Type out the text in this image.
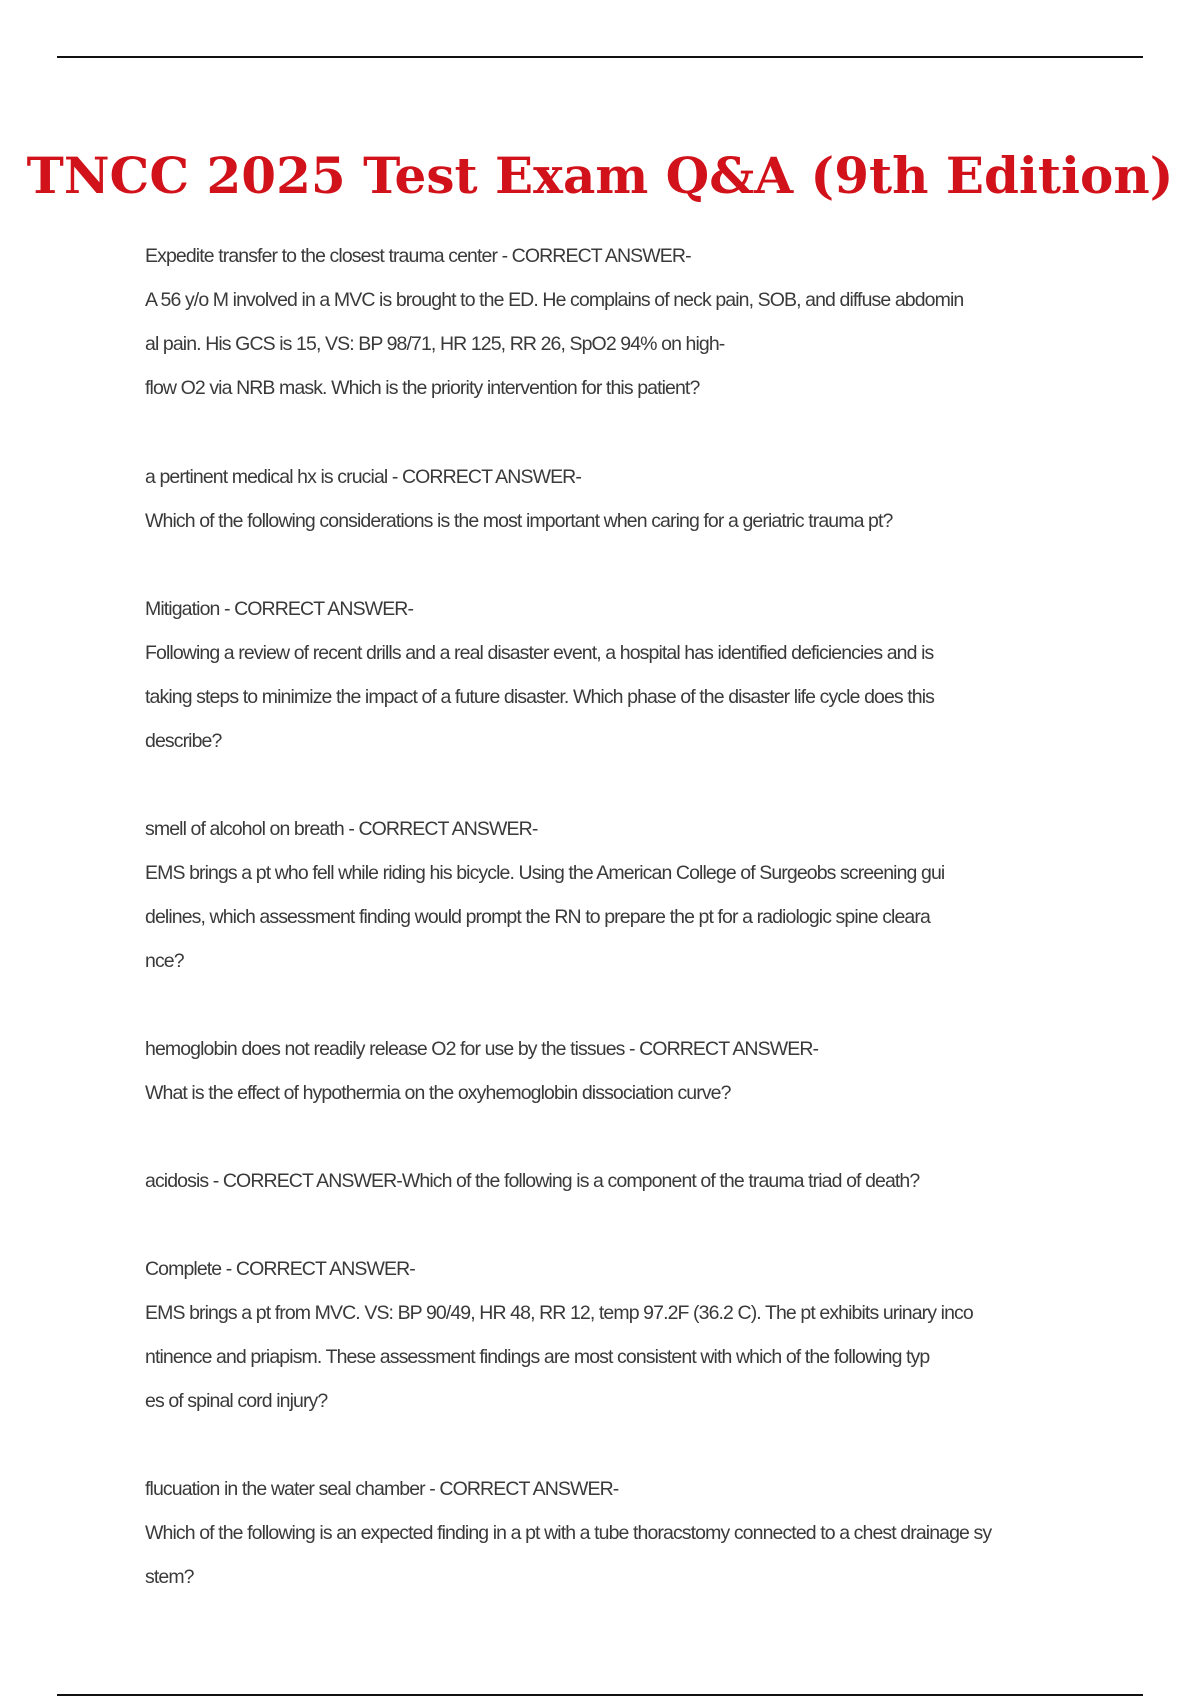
TNCC 2025 Test Exam Q&A (9th Edition)
Expedite transfer to the closest trauma center - CORRECT ANSWER-
A 56 y/o M involved in a MVC is brought to the ED. He complains of neck pain, SOB, and diffuse abdomin
al pain. His GCS is 15, VS: BP 98/71, HR 125, RR 26, SpO2 94% on high-
flow O2 via NRB mask. Which is the priority intervention for this patient?
a pertinent medical hx is crucial - CORRECT ANSWER-
Which of the following considerations is the most important when caring for a geriatric trauma pt?
Mitigation - CORRECT ANSWER-
Following a review of recent drills and a real disaster event, a hospital has identified deficiencies and is
taking steps to minimize the impact of a future disaster. Which phase of the disaster life cycle does this
describe?
smell of alcohol on breath - CORRECT ANSWER-
EMS brings a pt who fell while riding his bicycle. Using the American College of Surgeobs screening gui
delines, which assessment finding would prompt the RN to prepare the pt for a radiologic spine cleara
nce?
hemoglobin does not readily release O2 for use by the tissues - CORRECT ANSWER-
What is the effect of hypothermia on the oxyhemoglobin dissociation curve?
acidosis - CORRECT ANSWER-Which of the following is a component of the trauma triad of death?
Complete - CORRECT ANSWER-
EMS brings a pt from MVC. VS: BP 90/49, HR 48, RR 12, temp 97.2F (36.2 C). The pt exhibits urinary inco
ntinence and priapism. These assessment findings are most consistent with which of the following typ
es of spinal cord injury?
flucuation in the water seal chamber - CORRECT ANSWER-
Which of the following is an expected finding in a pt with a tube thoracstomy connected to a chest drainage sy
stem?
